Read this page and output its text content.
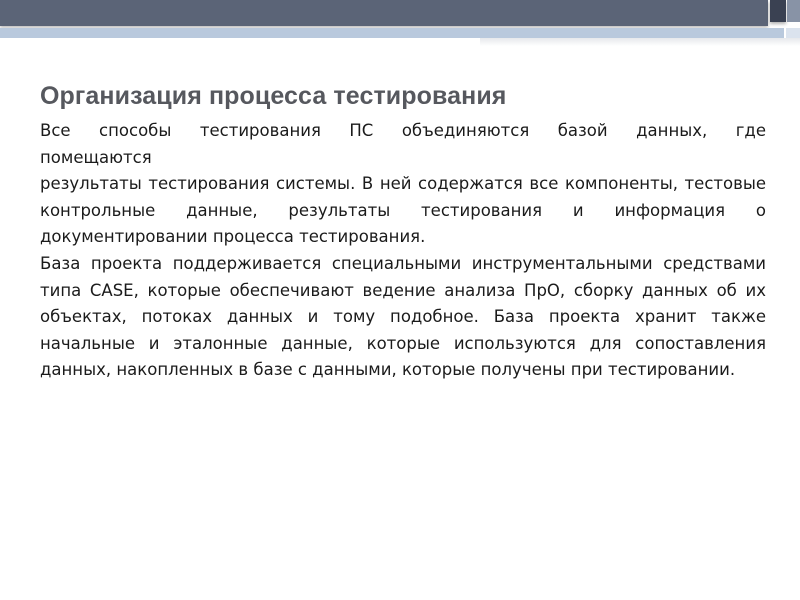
Организация процесса тестирования

Все способы тестирования ПС объединяются базой данных, где
помещаются

результаты тестирования системы. В ней содержатся все компоненты, тестовые контрольные данные, результаты тестирования и информация о документировании процесса тестирования.

База проекта поддерживается специальными инструментальными средствами типа CASE, которые обеспечивают ведение анализа ПрО, сборку данных об их объектах, потоках данных и тому подобное. База проекта хранит также начальные и эталонные данные, которые используются для сопоставления данных, накопленных в базе с данными, которые получены при тестировании.
